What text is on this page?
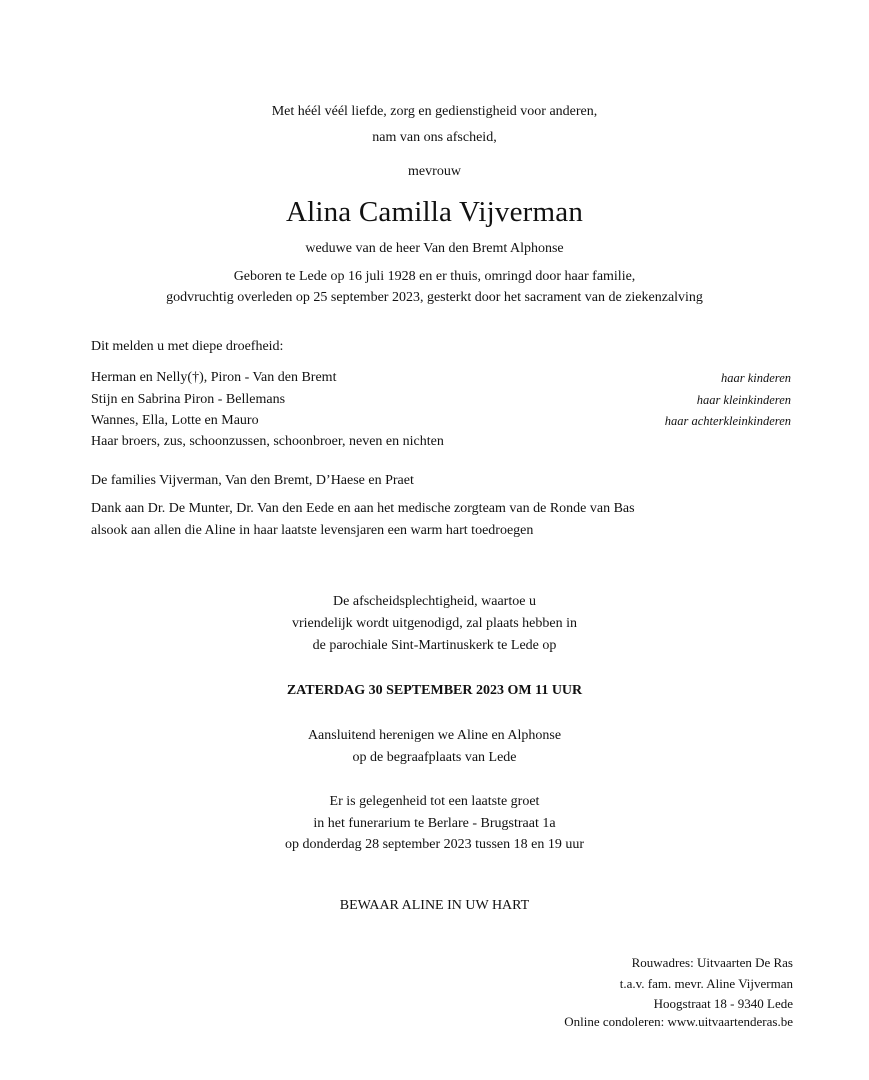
Met héél véél liefde, zorg en gedienstigheid voor anderen,
nam van ons afscheid,
mevrouw
Alina Camilla Vijverman
weduwe van de heer Van den Bremt Alphonse
Geboren te Lede op 16 juli 1928 en er thuis, omringd door haar familie,
godvruchtig overleden op 25 september 2023, gesterkt door het sacrament van de ziekenzalving
Dit melden u met diepe droefheid:
Herman en Nelly(†), Piron - Van den Bremt	haar kinderen
Stijn en Sabrina Piron - Bellemans	haar kleinkinderen
Wannes, Ella, Lotte en Mauro	haar achterkleinkinderen
Haar broers, zus, schoonzussen, schoonbroer, neven en nichten
De families Vijverman, Van den Bremt, D’Haese en Praet
Dank aan Dr. De Munter, Dr. Van den Eede en aan het medische zorgteam van de Ronde van Bas
alsook aan allen die Aline in haar laatste levensjaren een warm hart toedroegen
De afscheidsplechtigheid, waartoe u
vriendelijk wordt uitgenodigd, zal plaats hebben in
de parochiale Sint-Martinuskerk te Lede op
ZATERDAG 30 SEPTEMBER 2023 OM 11 UUR
Aansluitend herenigen we Aline en Alphonse
op de begraafplaats van Lede
Er is gelegenheid tot een laatste groet
in het funerarium te Berlare - Brugstraat 1a
op donderdag 28 september 2023 tussen 18 en 19 uur
BEWAAR ALINE IN UW HART
Rouwadres: Uitvaarten De Ras
t.a.v. fam. mevr. Aline Vijverman
Hoogstraat 18 - 9340 Lede
Online condoleren: www.uitvaartenderas.be
